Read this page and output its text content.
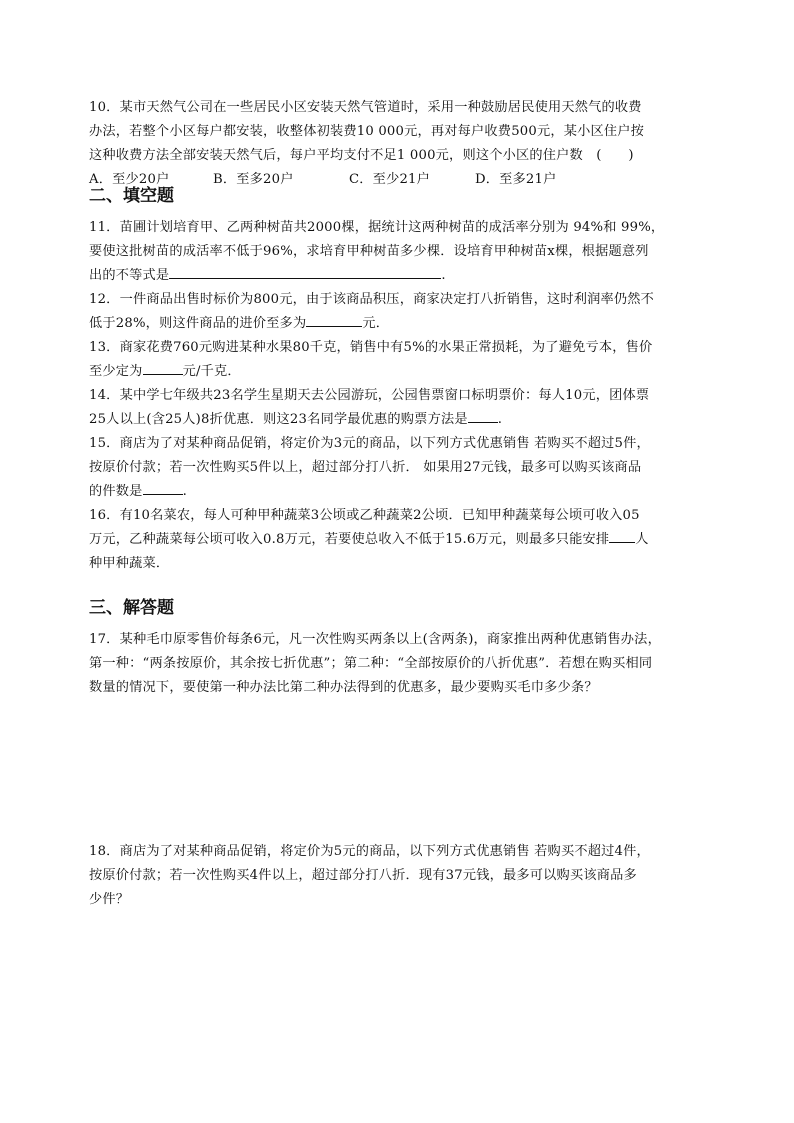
10．某市天然气公司在一些居民小区安装天然气管道时，采用一种鼓励居民使用天然气的收费
办法，若整个小区每户都安装，收整体初装费10 000元，再对每户收费500元，某小区住户按
这种收费方法全部安装天然气后，每户平均支付不足1 000元，则这个小区的住户数　(　　)
A．至少20户	B．至多20户	C．至少21户	D．至多21户
二、填空题
11．苗圃计划培育甲、乙两种树苗共2000棵，据统计这两种树苗的成活率分别为 94%和 99%，
要使这批树苗的成活率不低于96%，求培育甲种树苗多少棵．设培育甲种树苗x棵，根据题意列
出的不等式是	.
12．一件商品出售时标价为800元，由于该商品积压，商家决定打八折销售，这时利润率仍然不
低于28%，则这件商品的进价至多为	元．
13．商家花费760元购进某种水果80千克，销售中有5%的水果正常损耗，为了避免亏本，售价
至少定为	元/千克．
14．某中学七年级共23名学生星期天去公园游玩，公园售票窗口标明票价：每人10元，团体票
25人以上(含25人)8折优惠．则这23名同学最优惠的购票方法是 .
15．商店为了对某种商品促销，将定价为3元的商品，以下列方式优惠销售 若购买不超过5件，
按原价付款；若一次性购买5件以上，超过部分打八折． 如果用27元钱，最多可以购买该商品
的件数是	.
16．有10名菜农，每人可种甲种蔬菜3公顷或乙种蔬菜2公顷．已知甲种蔬菜每公顷可收入05
万元，乙种蔬菜每公顷可收入0.8万元，若要使总收入不低于15.6万元，则最多只能安排 人
种甲种蔬菜．
三、解答题
17．某种毛巾原零售价每条6元，凡一次性购买两条以上(含两条)，商家推出两种优惠销售办法，
第一种：“两条按原价，其余按七折优惠”；第二种：“全部按原价的八折优惠”．若想在购买相同
数量的情况下，要使第一种办法比第二种办法得到的优惠多，最少要购买毛巾多少条？
18．商店为了对某种商品促销，将定价为5元的商品，以下列方式优惠销售 若购买不超过4件，
按原价付款；若一次性购买4件以上，超过部分打八折．现有37元钱，最多可以购买该商品多
少件？
